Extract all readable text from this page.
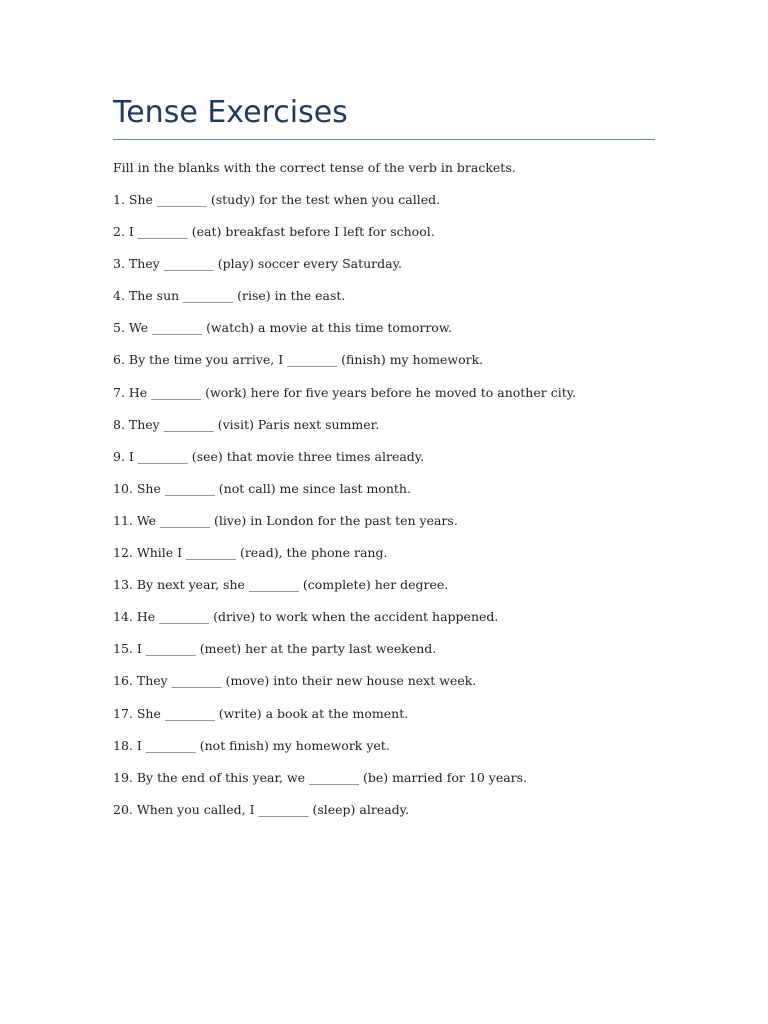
Tense Exercises

Fill in the blanks with the correct tense of the verb in brackets.

1. She ________ (study) for the test when you called.
2. I ________ (eat) breakfast before I left for school.
3. They ________ (play) soccer every Saturday.
4. The sun ________ (rise) in the east.
5. We ________ (watch) a movie at this time tomorrow.
6. By the time you arrive, I ________ (finish) my homework.
7. He ________ (work) here for five years before he moved to another city.
8. They ________ (visit) Paris next summer.
9. I ________ (see) that movie three times already.
10. She ________ (not call) me since last month.
11. We ________ (live) in London for the past ten years.
12. While I ________ (read), the phone rang.
13. By next year, she ________ (complete) her degree.
14. He ________ (drive) to work when the accident happened.
15. I ________ (meet) her at the party last weekend.
16. They ________ (move) into their new house next week.
17. She ________ (write) a book at the moment.
18. I ________ (not finish) my homework yet.
19. By the end of this year, we ________ (be) married for 10 years.
20. When you called, I ________ (sleep) already.
